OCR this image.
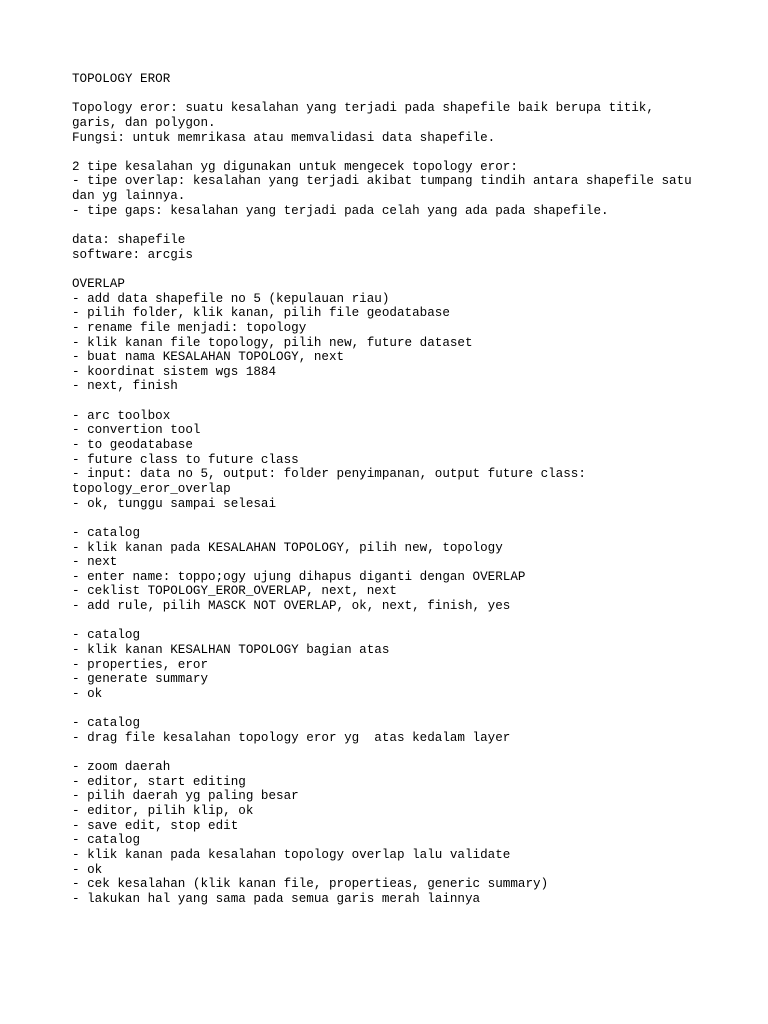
TOPOLOGY EROR
Topology eror: suatu kesalahan yang terjadi pada shapefile baik berupa titik,
garis, dan polygon.
Fungsi: untuk memrikasa atau memvalidasi data shapefile.
2 tipe kesalahan yg digunakan untuk mengecek topology eror:
- tipe overlap: kesalahan yang terjadi akibat tumpang tindih antara shapefile satu
dan yg lainnya.
- tipe gaps: kesalahan yang terjadi pada celah yang ada pada shapefile.
data: shapefile
software: arcgis
OVERLAP
- add data shapefile no 5 (kepulauan riau)
- pilih folder, klik kanan, pilih file geodatabase
- rename file menjadi: topology
- klik kanan file topology, pilih new, future dataset
- buat nama KESALAHAN TOPOLOGY, next
- koordinat sistem wgs 1884
- next, finish
- arc toolbox
- convertion tool
- to geodatabase
- future class to future class
- input: data no 5, output: folder penyimpanan, output future class:
topology_eror_overlap
- ok, tunggu sampai selesai
- catalog
- klik kanan pada KESALAHAN TOPOLOGY, pilih new, topology
- next
- enter name: toppo;ogy ujung dihapus diganti dengan OVERLAP
- ceklist TOPOLOGY_EROR_OVERLAP, next, next
- add rule, pilih MASCK NOT OVERLAP, ok, next, finish, yes
- catalog
- klik kanan KESALHAN TOPOLOGY bagian atas
- properties, eror
- generate summary
- ok
- catalog
- drag file kesalahan topology eror yg  atas kedalam layer
- zoom daerah
- editor, start editing
- pilih daerah yg paling besar
- editor, pilih klip, ok
- save edit, stop edit
- catalog
- klik kanan pada kesalahan topology overlap lalu validate
- ok
- cek kesalahan (klik kanan file, propertieas, generic summary)
- lakukan hal yang sama pada semua garis merah lainnya
